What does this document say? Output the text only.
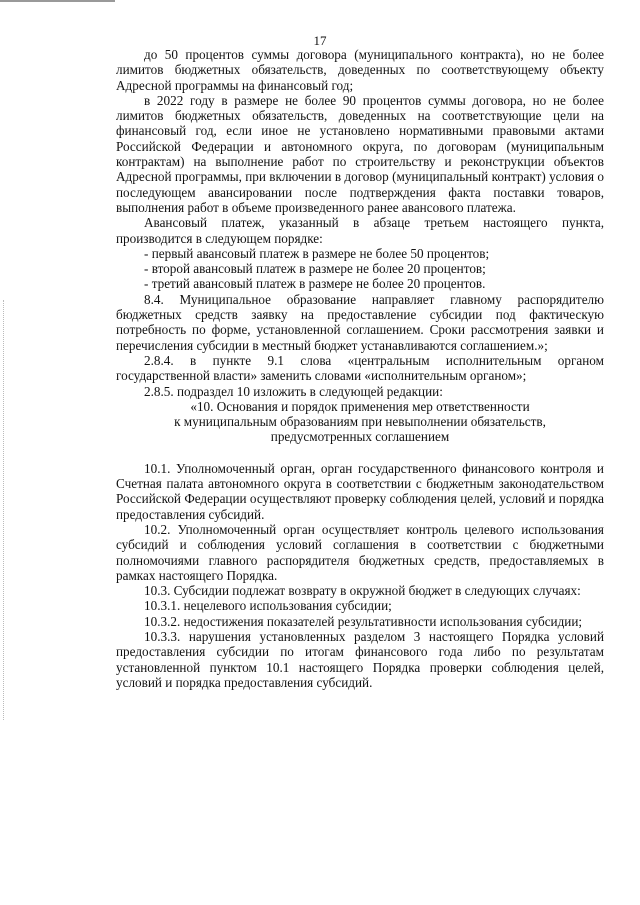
17

до 50 процентов суммы договора (муниципального контракта), но не более лимитов бюджетных обязательств, доведенных по соответствующему объекту Адресной программы на финансовый год;

в 2022 году в размере не более 90 процентов суммы договора, но не более лимитов бюджетных обязательств, доведенных на соответствующие цели на финансовый год, если иное не установлено нормативными правовыми актами Российской Федерации и автономного округа, по договорам (муниципальным контрактам) на выполнение работ по строительству и реконструкции объектов Адресной программы, при включении в договор (муниципальный контракт) условия о последующем авансировании после подтверждения факта поставки товаров, выполнения работ в объеме произведенного ранее авансового платежа.

Авансовый платеж, указанный в абзаце третьем настоящего пункта, производится в следующем порядке:

- первый авансовый платеж в размере не более 50 процентов;

- второй авансовый платеж в размере не более 20 процентов;

- третий авансовый платеж в размере не более 20 процентов.

8.4. Муниципальное образование направляет главному распорядителю бюджетных средств заявку на предоставление субсидии под фактическую потребность по форме, установленной соглашением. Сроки рассмотрения заявки и перечисления субсидии в местный бюджет устанавливаются соглашением.»;

2.8.4. в пункте 9.1 слова «центральным исполнительным органом государственной власти» заменить словами «исполнительным органом»;

2.8.5. подраздел 10 изложить в следующей редакции:

«10. Основания и порядок применения мер ответственности
к муниципальным образованиям при невыполнении обязательств,
предусмотренных соглашением

10.1. Уполномоченный орган, орган государственного финансового контроля и Счетная палата автономного округа в соответствии с бюджетным законодательством Российской Федерации осуществляют проверку соблюдения целей, условий и порядка предоставления субсидий.

10.2. Уполномоченный орган осуществляет контроль целевого использования субсидий и соблюдения условий соглашения в соответствии с бюджетными полномочиями главного распорядителя бюджетных средств, предоставляемых в рамках настоящего Порядка.

10.3. Субсидии подлежат возврату в окружной бюджет в следующих случаях:

10.3.1. нецелевого использования субсидии;

10.3.2. недостижения показателей результативности использования субсидии;

10.3.3. нарушения установленных разделом 3 настоящего Порядка условий предоставления субсидии по итогам финансового года либо по результатам установленной пунктом 10.1 настоящего Порядка проверки соблюдения целей, условий и порядка предоставления субсидий.
